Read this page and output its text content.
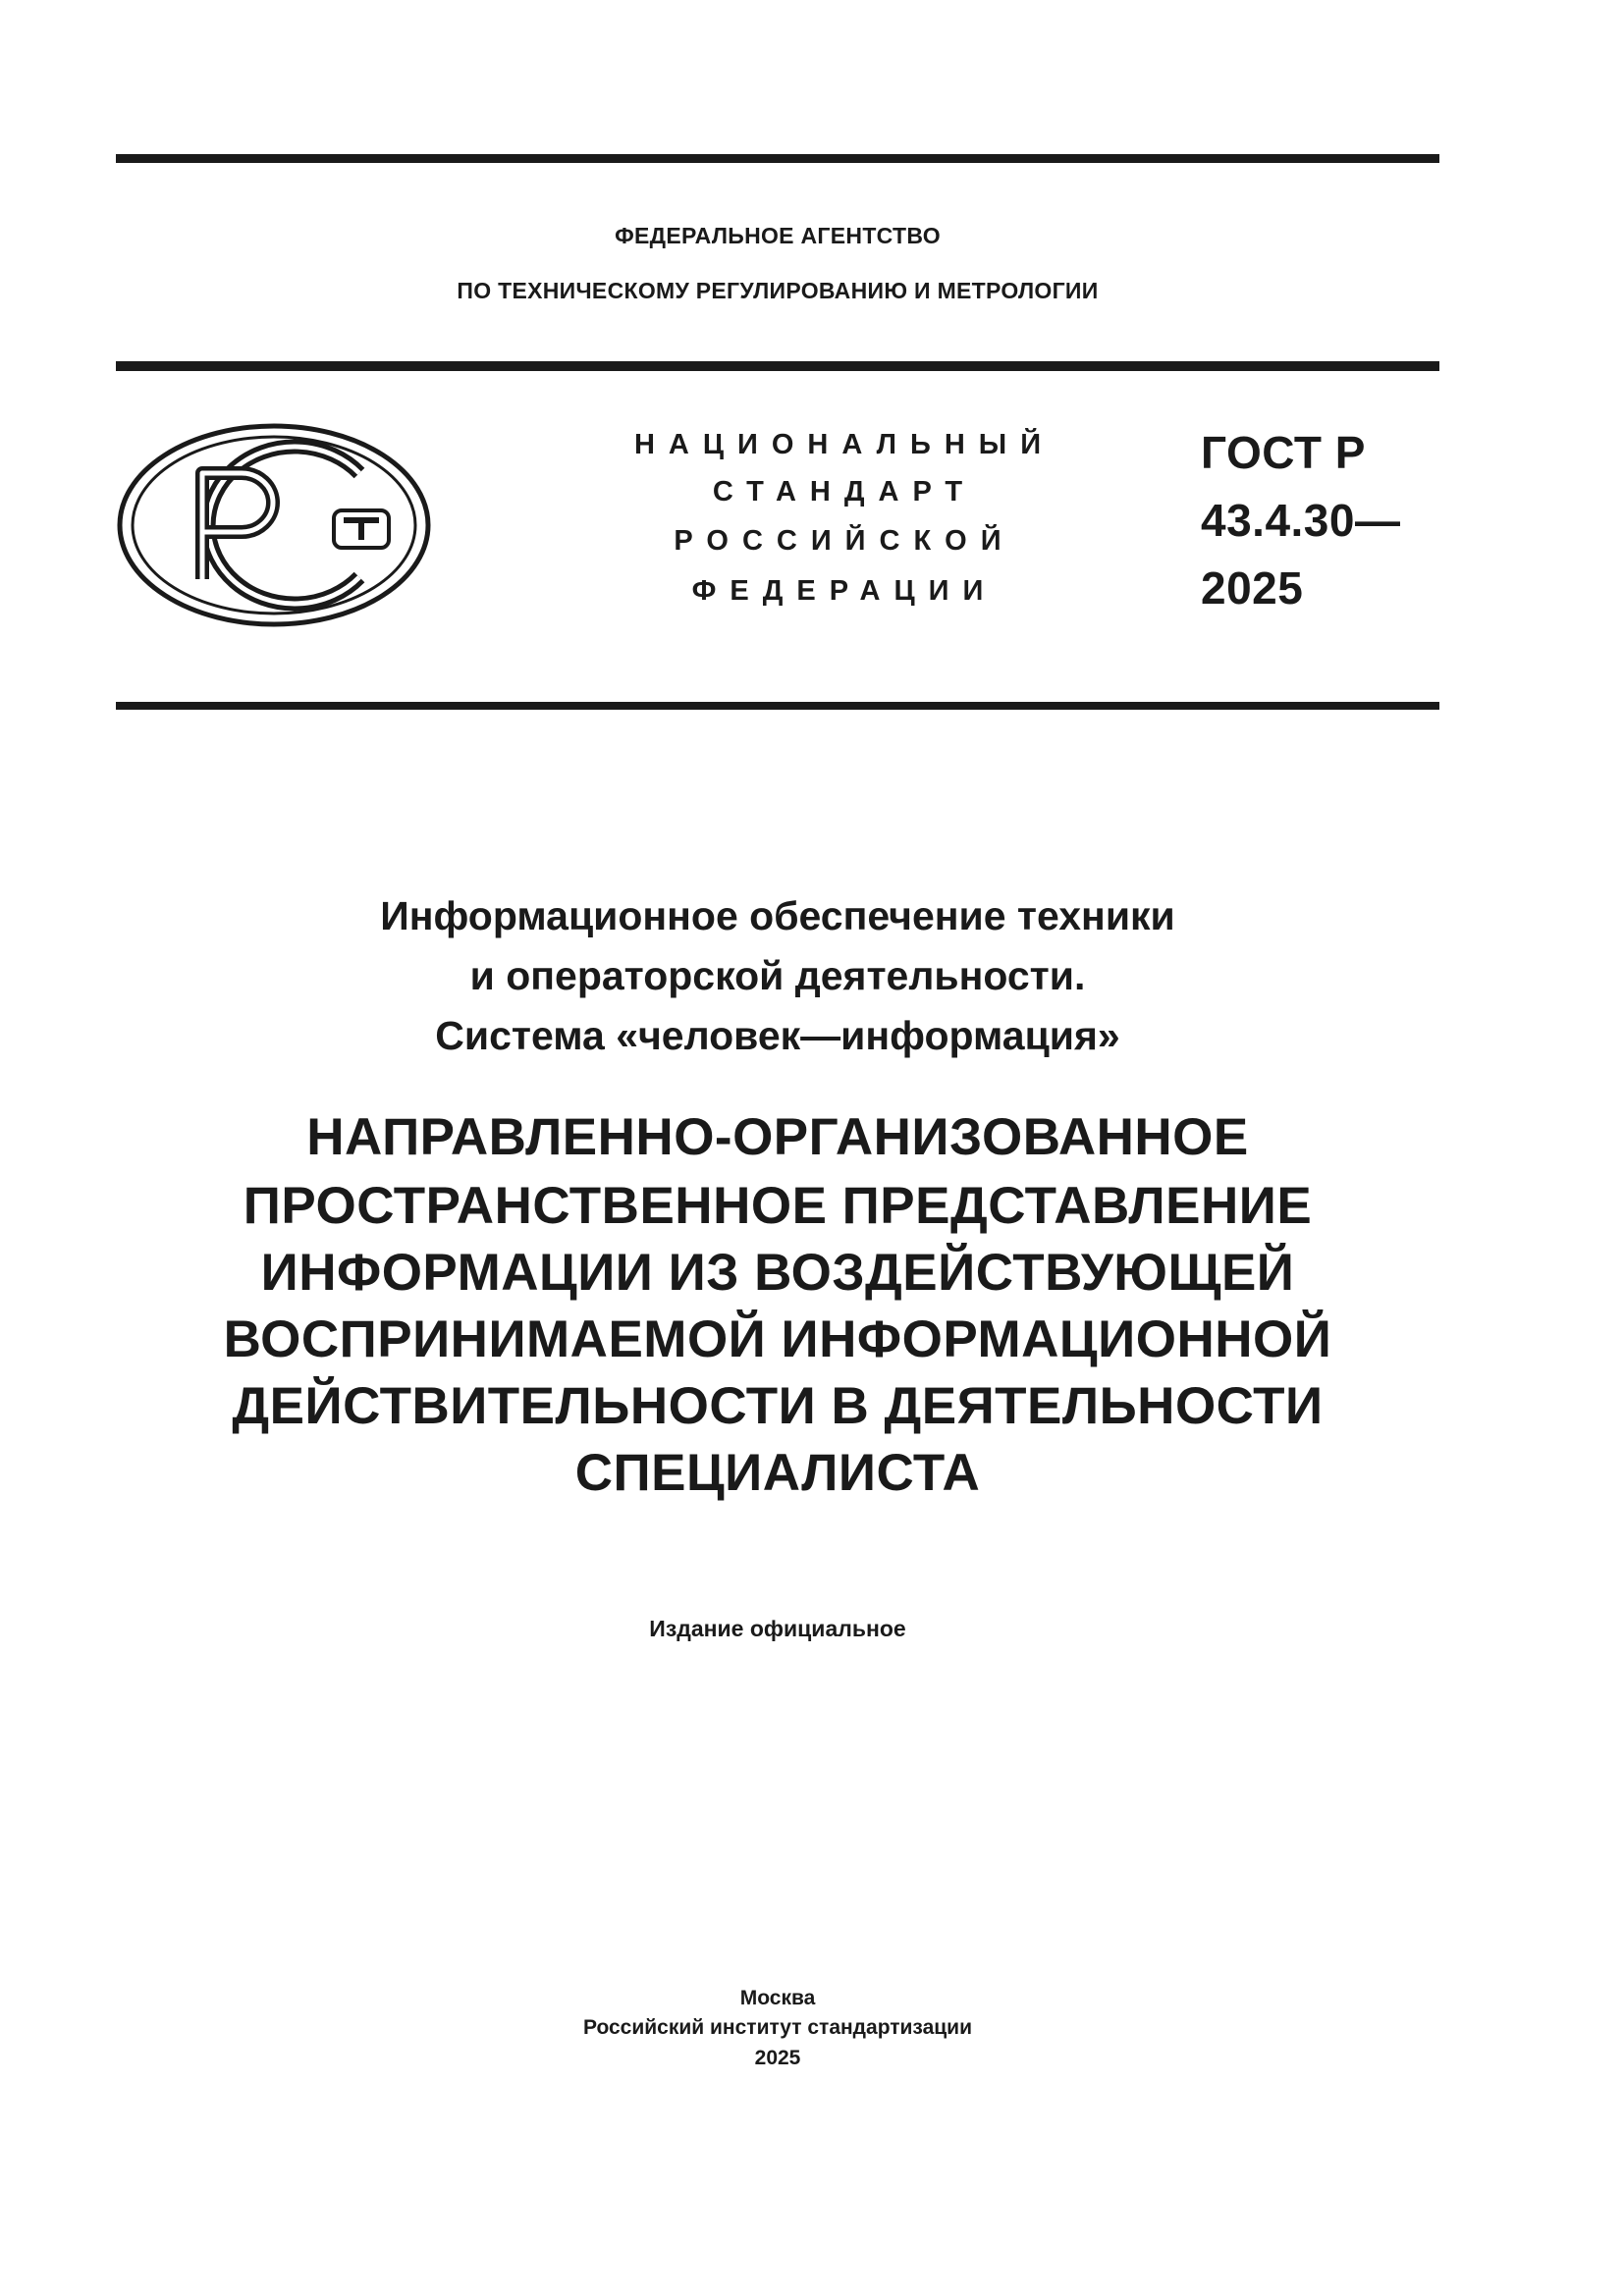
ФЕДЕРАЛЬНОЕ АГЕНТСТВО
ПО ТЕХНИЧЕСКОМУ РЕГУЛИРОВАНИЮ И МЕТРОЛОГИИ
НАЦИОНАЛЬНЫЙ
СТАНДАРТ
РОССИЙСКОЙ
ФЕДЕРАЦИИ
ГОСТ Р
43.4.30—
2025
Информационное обеспечение техники
и операторской деятельности.
Система «человек—информация»
НАПРАВЛЕННО-ОРГАНИЗОВАННОЕ
ПРОСТРАНСТВЕННОЕ ПРЕДСТАВЛЕНИЕ
ИНФОРМАЦИИ ИЗ ВОЗДЕЙСТВУЮЩЕЙ
ВОСПРИНИМАЕМОЙ ИНФОРМАЦИОННОЙ
ДЕЙСТВИТЕЛЬНОСТИ В ДЕЯТЕЛЬНОСТИ
СПЕЦИАЛИСТА
Издание официальное
Москва
Российский институт стандартизации
2025
